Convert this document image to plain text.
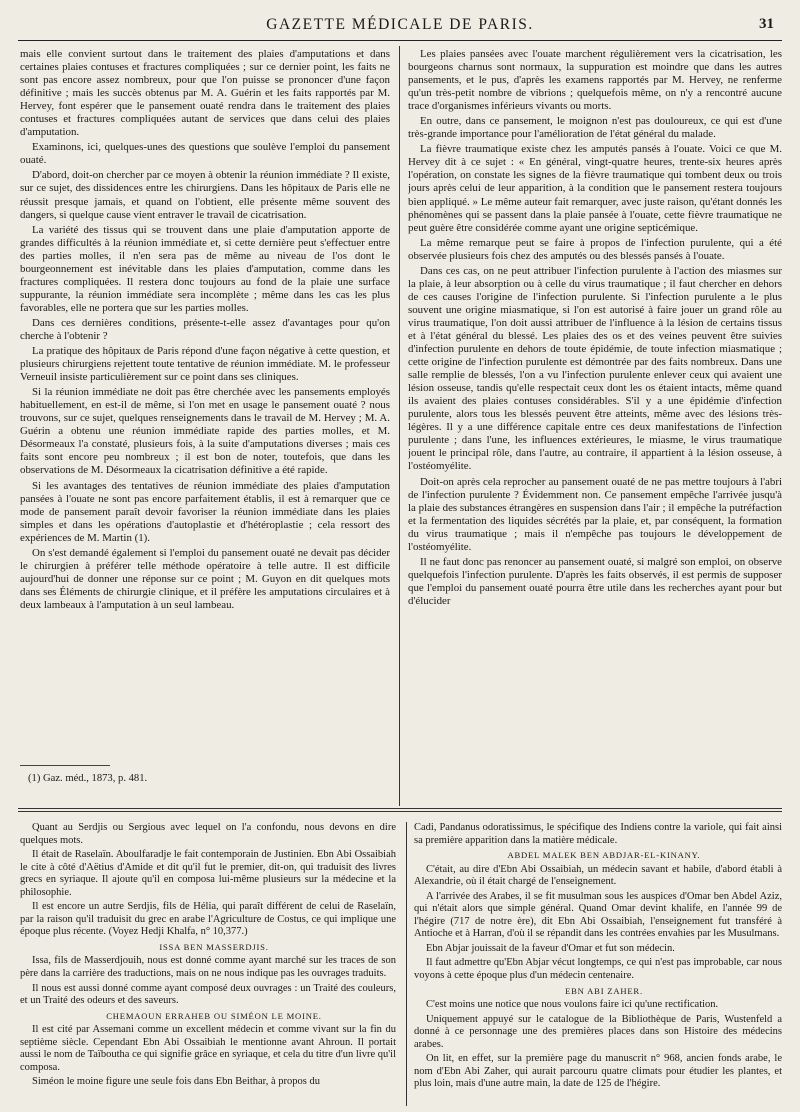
GAZETTE MÉDICALE DE PARIS.	31

mais elle convient surtout dans le traitement des plaies d'amputations et dans certaines plaies contuses et fractures compliquées ; sur ce dernier point, les faits ne sont pas encore assez nombreux, pour que l'on puisse se prononcer d'une façon définitive ; mais les succès obtenus par M. A. Guérin et les faits rapportés par M. Hervey, font espérer que le pansement ouaté rendra dans le traitement des plaies contuses et fractures compliquées autant de services que dans celui des plaies d'amputation.

Examinons, ici, quelques-unes des questions que soulève l'emploi du pansement ouaté.

D'abord, doit-on chercher par ce moyen à obtenir la réunion immédiate ? Il existe, sur ce sujet, des dissidences entre les chirurgiens. Dans les hôpitaux de Paris elle ne réussit presque jamais, et quand on l'obtient, elle présente même souvent des dangers, si quelque cause vient entraver le travail de cicatrisation.

La variété des tissus qui se trouvent dans une plaie d'amputation apporte de grandes difficultés à la réunion immédiate et, si cette dernière peut s'effectuer entre des parties molles, il n'en sera pas de même au niveau de l'os dont le bourgeonnement est inévitable dans les plaies d'amputation, comme dans les fractures compliquées. Il restera donc toujours au fond de la plaie une surface suppurante, la réunion immédiate sera incomplète ; même dans les cas les plus favorables, elle ne portera que sur les parties molles.

Dans ces dernières conditions, présente-t-elle assez d'avantages pour qu'on cherche à l'obtenir ?

La pratique des hôpitaux de Paris répond d'une façon négative à cette question, et plusieurs chirurgiens rejettent toute tentative de réunion immédiate. M. le professeur Verneuil insiste particulièrement sur ce point dans ses cliniques.

Si la réunion immédiate ne doit pas être cherchée avec les pansements employés habituellement, en est-il de même, si l'on met en usage le pansement ouaté ? nous trouvons, sur ce sujet, quelques renseignements dans le travail de M. Hervey ; M. A. Guérin a obtenu une réunion immédiate rapide des parties molles, et M. Désormeaux l'a constaté, plusieurs fois, à la suite d'amputations diverses ; mais ces faits sont encore peu nombreux ; il est bon de noter, toutefois, que dans les observations de M. Désormeaux la cicatrisation définitive a été rapide.

Si les avantages des tentatives de réunion immédiate des plaies d'amputation pansées à l'ouate ne sont pas encore parfaitement établis, il est à remarquer que ce mode de pansement paraît devoir favoriser la réunion immédiate dans les plaies simples et dans les opérations d'autoplastie et d'hétéroplastie ; cela ressort des expériences de M. Martin (1).

On s'est demandé également si l'emploi du pansement ouaté ne devait pas décider le chirurgien à préférer telle méthode opératoire à telle autre. Il est difficile aujourd'hui de donner une réponse sur ce point ; M. Guyon en dit quelques mots dans ses Éléments de chirurgie clinique, et il préfère les amputations circulaires et à deux lambeaux à l'amputation à un seul lambeau.

(1) Gaz. méd., 1873, p. 481.

Les plaies pansées avec l'ouate marchent régulièrement vers la cicatrisation, les bourgeons charnus sont normaux, la suppuration est moindre que dans les autres pansements, et le pus, d'après les examens rapportés par M. Hervey, ne renferme qu'un très-petit nombre de vibrions ; quelquefois même, on n'y a rencontré aucune trace d'organismes inférieurs vivants ou morts.

En outre, dans ce pansement, le moignon n'est pas douloureux, ce qui est d'une très-grande importance pour l'amélioration de l'état général du malade.

La fièvre traumatique existe chez les amputés pansés à l'ouate. Voici ce que M. Hervey dit à ce sujet : « En général, vingt-quatre heures, trente-six heures après l'opération, on constate les signes de la fièvre traumatique qui tombent deux ou trois jours après celui de leur apparition, à la condition que le pansement restera toujours bien appliqué. » Le même auteur fait remarquer, avec juste raison, qu'étant donnés les phénomènes qui se passent dans la plaie pansée à l'ouate, cette fièvre traumatique ne peut guère être considérée comme ayant une origine septicémique.

La même remarque peut se faire à propos de l'infection purulente, qui a été observée plusieurs fois chez des amputés ou des blessés pansés à l'ouate.

Dans ces cas, on ne peut attribuer l'infection purulente à l'action des miasmes sur la plaie, à leur absorption ou à celle du virus traumatique ; il faut chercher en dehors de ces causes l'origine de l'infection purulente. Si l'infection purulente a le plus souvent une origine miasmatique, si l'on est autorisé à faire jouer un grand rôle au virus traumatique, l'on doit aussi attribuer de l'influence à la lésion de certains tissus et à l'état général du blessé. Les plaies des os et des veines peuvent être suivies d'infection purulente en dehors de toute épidémie, de toute infection miasmatique ; cette origine de l'infection purulente est démontrée par des faits nombreux. Dans une salle remplie de blessés, l'on a vu l'infection purulente enlever ceux qui avaient une lésion osseuse, tandis qu'elle respectait ceux dont les os étaient intacts, même quand ils avaient des plaies contuses considérables. S'il y a une épidémie d'infection purulente, alors tous les blessés peuvent être atteints, même avec des lésions très-légères. Il y a une différence capitale entre ces deux manifestations de l'infection purulente ; dans l'une, les influences extérieures, le miasme, le virus traumatique jouent le principal rôle, dans l'autre, au contraire, il appartient à la lésion osseuse, à l'ostéomyélite.

Doit-on après cela reprocher au pansement ouaté de ne pas mettre toujours à l'abri de l'infection purulente ? Évidemment non. Ce pansement empêche l'arrivée jusqu'à la plaie des substances étrangères en suspension dans l'air ; il empêche la putréfaction et la fermentation des liquides sécrétés par la plaie, et, par conséquent, la formation du virus traumatique ; mais il n'empêche pas toujours le développement de l'ostéomyélite.

Il ne faut donc pas renoncer au pansement ouaté, si malgré son emploi, on observe quelquefois l'infection purulente. D'après les faits observés, il est permis de supposer que l'emploi du pansement ouaté pourra être utile dans les recherches ayant pour but d'élucider

Quant au Serdjis ou Sergious avec lequel on l'a confondu, nous devons en dire quelques mots.

Il était de Raselaïn. Aboulfaradje le fait contemporain de Justinien. Ebn Abi Ossaibiah le cite à côté d'Aëtius d'Amide et dit qu'il fut le premier, dit-on, qui traduisit des livres grecs en syriaque. Il ajoute qu'il en composa lui-même plusieurs sur la médecine et la philosophie.

Il est encore un autre Serdjis, fils de Hélia, qui paraît différent de celui de Raselaïn, par la raison qu'il traduisit du grec en arabe l'Agriculture de Costus, ce qui implique une époque plus récente. (Voyez Hedji Khalfa, n° 10,377.)

ISSA BEN MASSERDJIS.

Issa, fils de Masserdjouih, nous est donné comme ayant marché sur les traces de son père dans la carrière des traductions, mais on ne nous indique pas les ouvrages traduits.

Il nous est aussi donné comme ayant composé deux ouvrages : un Traité des couleurs, et un Traité des odeurs et des saveurs.

CHEMAOUN ERRAHEB OU SIMÉON LE MOINE.

Il est cité par Assemani comme un excellent médecin et comme vivant sur la fin du septième siècle. Cependant Ebn Abi Ossaibiah le mentionne avant Ahroun. Il portait aussi le nom de Taïboutha ce qui signifie grâce en syriaque, et cela du titre d'un livre qu'il composa.

Siméon le moine figure une seule fois dans Ebn Beithar, à propos du

Cadi, Pandanus odoratissimus, le spécifique des Indiens contre la variole, qui fait ainsi sa première apparition dans la matière médicale.

ABDEL MALEK BEN ABDJAR-EL-KINANY.

C'était, au dire d'Ebn Abi Ossaibiah, un médecin savant et habile, d'abord établi à Alexandrie, où il était chargé de l'enseignement.

A l'arrivée des Arabes, il se fit musulman sous les auspices d'Omar ben Abdel Aziz, qui n'était alors que simple général. Quand Omar devint khalife, en l'année 99 de l'hégire (717 de notre ère), dit Ebn Abi Ossaibiah, l'enseignement fut transféré à Antioche et à Harran, d'où il se répandit dans les contrées envahies par les Musulmans.

Ebn Abjar jouissait de la faveur d'Omar et fut son médecin.

Il faut admettre qu'Ebn Abjar vécut longtemps, ce qui n'est pas improbable, car nous voyons à cette époque plus d'un médecin centenaire.

EBN ABI ZAHER.

C'est moins une notice que nous voulons faire ici qu'une rectification.

Uniquement appuyé sur le catalogue de la Bibliothèque de Paris, Wustenfeld a donné à ce personnage une des premières places dans son Histoire des médecins arabes.

On lit, en effet, sur la première page du manuscrit n° 968, ancien fonds arabe, le nom d'Ebn Abi Zaher, qui aurait parcouru quatre climats pour étudier les plantes, et plus loin, mais d'une autre main, la date de 125 de l'hégire.
